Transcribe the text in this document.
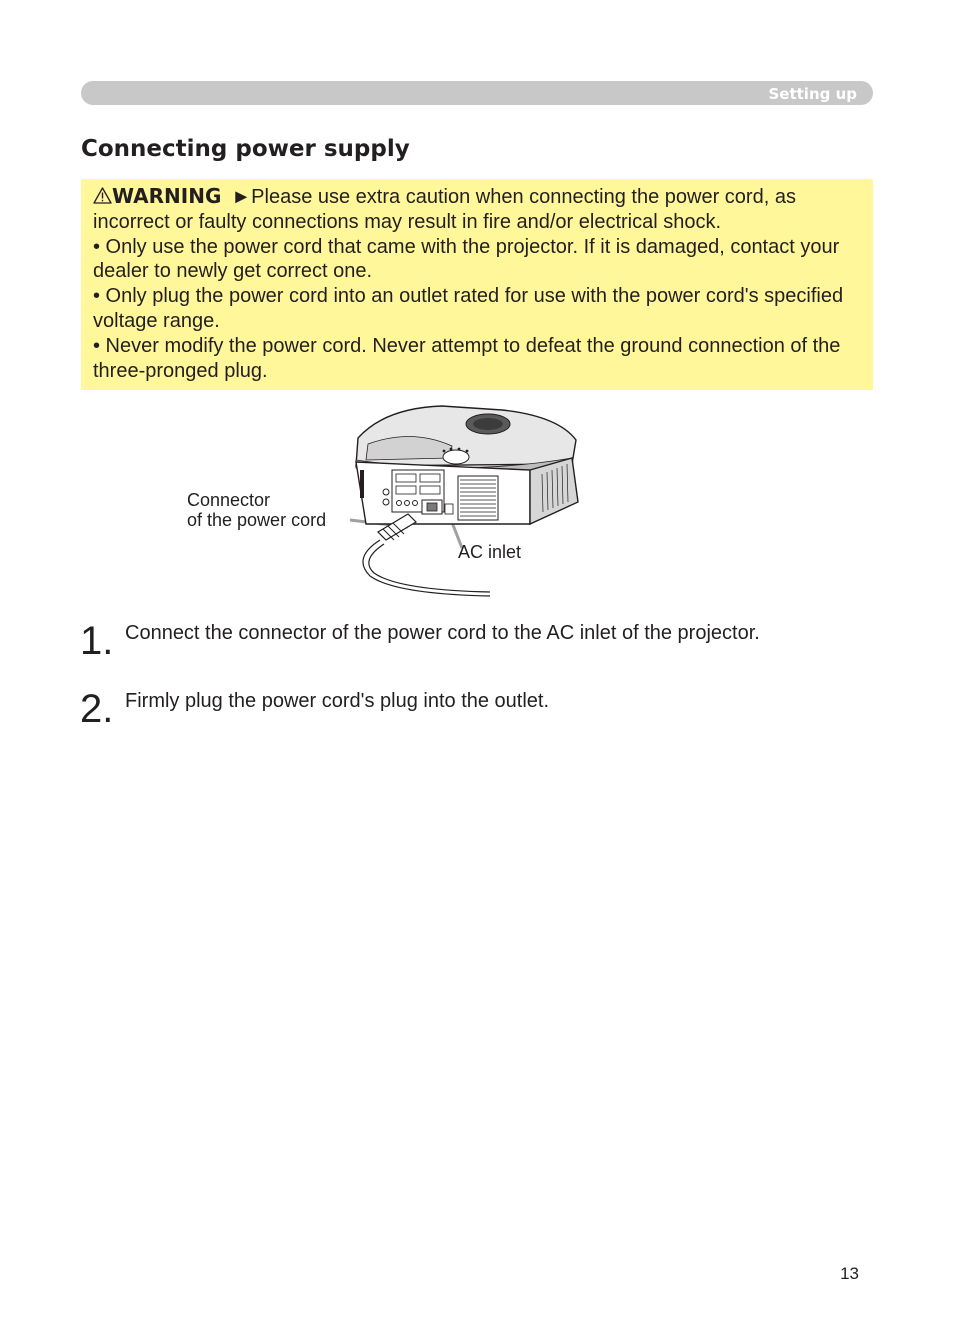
Setting up
Connecting power supply

WARNING ►Please use extra caution when connecting the power cord, as incorrect or faulty connections may result in fire and/or electrical shock.

• Only use the power cord that came with the projector. If it is damaged, contact your dealer to newly get correct one.

• Only plug the power cord into an outlet rated for use with the power cord's specified voltage range.

• Never modify the power cord. Never attempt to defeat the ground connection of the three-pronged plug.

Connector
of the power cord
AC inlet
1. Connect the connector of the power cord to the AC inlet of the projector.
2. Firmly plug the power cord's plug into the outlet.
13
